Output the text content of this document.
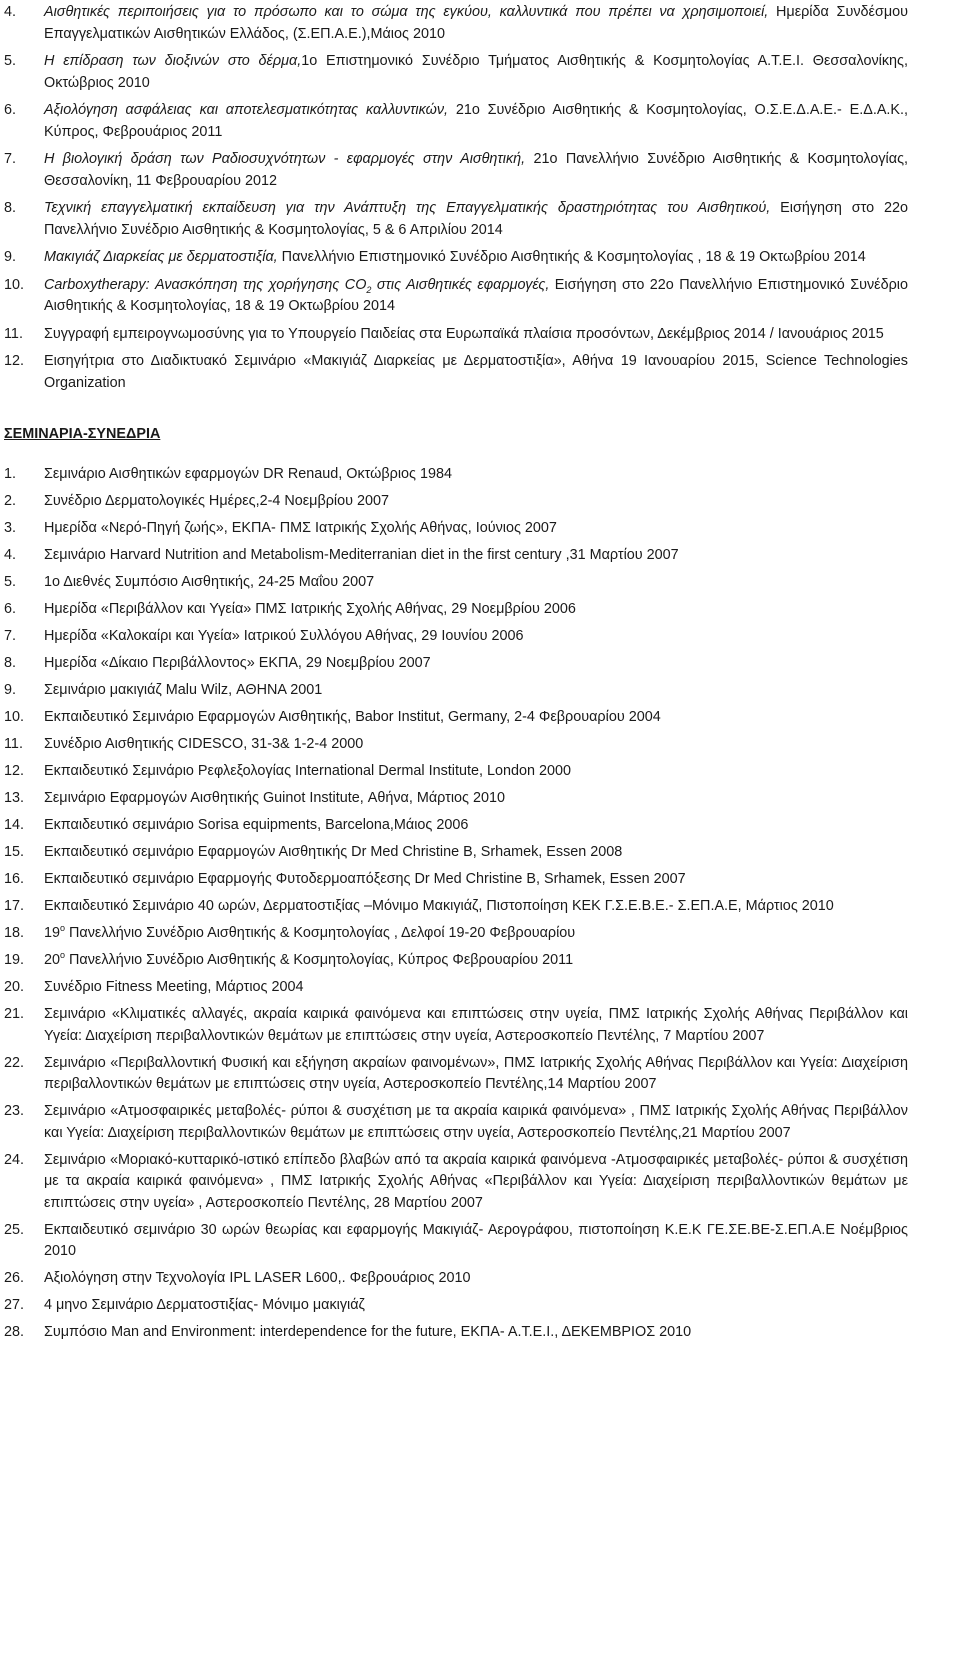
4. Αισθητικές περιποιήσεις για το πρόσωπο και το σώμα της εγκύου, καλλυντικά που πρέπει να χρησιμοποιεί, Ημερίδα Συνδέσμου Επαγγελματικών Αισθητικών Ελλάδος, (Σ.ΕΠ.Α.Ε.),Μάιος 2010
5. Η επίδραση των διοξινών στο δέρμα,1ο Επιστημονικό Συνέδριο Τμήματος Αισθητικής & Κοσμητολογίας Α.Τ.Ε.Ι. Θεσσαλονίκης, Οκτώβριος 2010
6. Αξιολόγηση ασφάλειας και αποτελεσματικότητας καλλυντικών, 21ο Συνέδριο Αισθητικής & Κοσμητολογίας, Ο.Σ.Ε.Δ.Α.Ε.- Ε.Δ.Α.Κ., Κύπρος, Φεβρουάριος 2011
7. Η βιολογική δράση των Ραδιοσυχνότητων - εφαρμογές στην Αισθητική, 21ο Πανελλήνιο Συνέδριο Αισθητικής & Κοσμητολογίας, Θεσσαλονίκη, 11 Φεβρουαρίου 2012
8. Τεχνική επαγγελματική εκπαίδευση για την Ανάπτυξη της Επαγγελματικής δραστηριότητας του Αισθητικού, Εισήγηση στο 22ο Πανελλήνιο Συνέδριο Αισθητικής & Κοσμητολογίας, 5 & 6 Απριλίου 2014
9. Μακιγιάζ Διαρκείας με δερματοστιξία, Πανελλήνιο Επιστημονικό Συνέδριο Αισθητικής & Κοσμητολογίας , 18 & 19 Οκτωβρίου 2014
10. Carboxytherapy: Ανασκόπηση της χορήγησης $CO_2$ στις Αισθητικές εφαρμογές, Εισήγηση στο 22ο Πανελλήνιο Επιστημονικό Συνέδριο Αισθητικής & Κοσμητολογίας, 18 & 19 Οκτωβρίου 2014
11. Συγγραφή εμπειρογνωμοσύνης για το Υπουργείο Παιδείας στα Ευρωπαϊκά πλαίσια προσόντων, Δεκέμβριος 2014 / Ιανουάριος 2015
12. Εισηγήτρια στο Διαδικτυακό Σεμινάριο «Μακιγιάζ Διαρκείας με Δερματοστιξία», Αθήνα 19 Ιανουαρίου 2015, Science Technologies Organization
ΣΕΜΙΝΑΡΙΑ-ΣΥΝΕΔΡΙΑ
1. Σεμινάριο Αισθητικών εφαρμογών DR Renaud, Οκτώβριος 1984
2. Συνέδριο Δερματολογικές Ημέρες,2-4 Νοεμβρίου 2007
3. Ημερίδα «Νερό-Πηγή ζωής», ΕΚΠΑ- ΠΜΣ Ιατρικής Σχολής Αθήνας, Ιούνιος 2007
4. Σεμινάριο Harvard Nutrition and Metabolism-Mediterranian diet in the first century ,31 Μαρτίου 2007
5. 1ο Διεθνές Συμπόσιο Αισθητικής, 24-25 Μαΐου 2007
6. Ημερίδα «Περιβάλλον και Υγεία» ΠΜΣ Ιατρικής Σχολής Αθήνας, 29 Νοεμβρίου 2006
7. Ημερίδα «Καλοκαίρι και Υγεία» Ιατρικού Συλλόγου Αθήνας, 29 Ιουνίου 2006
8. Ημερίδα «Δίκαιο Περιβάλλοντος» ΕΚΠΑ, 29 Νοεμβρίου 2007
9. Σεμινάριο μακιγιάζ Malu Wilz, ΑΘΗΝΑ 2001
10. Εκπαιδευτικό Σεμινάριο Εφαρμογών Αισθητικής, Babor Institut, Germany, 2-4 Φεβρουαρίου 2004
11. Συνέδριο Αισθητικής CIDESCO, 31-3& 1-2-4 2000
12. Εκπαιδευτικό Σεμινάριο Ρεφλεξολογίας International Dermal Institute, London 2000
13. Σεμινάριο Εφαρμογών Αισθητικής Guinot Institute, Αθήνα, Μάρτιος 2010
14. Εκπαιδευτικό σεμινάριο Sorisa equipments, Barcelona,Mάιος 2006
15. Εκπαιδευτικό σεμινάριο Εφαρμογών Αισθητικής Dr Med Christine B, Srhamek, Essen 2008
16. Εκπαιδευτικό σεμινάριο Εφαρμογής Φυτοδερμοαπόξεσης Dr Med Christine B, Srhamek, Essen 2007
17. Εκπαιδευτικό Σεμινάριο 40 ωρών, Δερματοστιξίας –Μόνιμο Μακιγιάζ, Πιστοποίηση ΚΕΚ Γ.Σ.Ε.Β.Ε.- Σ.ΕΠ.Α.Ε, Μάρτιος 2010
18. $19^o$ Πανελλήνιο Συνέδριο Αισθητικής & Κοσμητολογίας , Δελφοί 19-20 Φεβρουαρίου
19. $20^o$ Πανελλήνιο Συνέδριο Αισθητικής & Κοσμητολογίας, Κύπρος Φεβρουαρίου 2011
20. Συνέδριο Fitness Meeting, Μάρτιος 2004
21. Σεμινάριο «Κλιματικές αλλαγές, ακραία καιρικά φαινόμενα και επιπτώσεις στην υγεία, ΠΜΣ Ιατρικής Σχολής Αθήνας Περιβάλλον και Υγεία: Διαχείριση περιβαλλοντικών θεμάτων με επιπτώσεις στην υγεία, Αστεροσκοπείο Πεντέλης, 7 Μαρτίου 2007
22. Σεμινάριο «Περιβαλλοντική Φυσική και εξήγηση ακραίων φαινομένων», ΠΜΣ Ιατρικής Σχολής Αθήνας Περιβάλλον και Υγεία: Διαχείριση περιβαλλοντικών θεμάτων με επιπτώσεις στην υγεία, Αστεροσκοπείο Πεντέλης,14 Μαρτίου 2007
23. Σεμινάριο «Ατμοσφαιρικές μεταβολές- ρύποι & συσχέτιση με τα ακραία καιρικά φαινόμενα» , ΠΜΣ Ιατρικής Σχολής Αθήνας Περιβάλλον και Υγεία: Διαχείριση περιβαλλοντικών θεμάτων με επιπτώσεις στην υγεία, Αστεροσκοπείο Πεντέλης,21 Μαρτίου 2007
24. Σεμινάριο «Μοριακό-κυτταρικό-ιστικό επίπεδο βλαβών από τα ακραία καιρικά φαινόμενα -Ατμοσφαιρικές μεταβολές- ρύποι & συσχέτιση με τα ακραία καιρικά φαινόμενα» , ΠΜΣ Ιατρικής Σχολής Αθήνας «Περιβάλλον και Υγεία: Διαχείριση περιβαλλοντικών θεμάτων με επιπτώσεις στην υγεία» , Αστεροσκοπείο Πεντέλης, 28 Μαρτίου 2007
25. Εκπαιδευτικό σεμινάριο 30 ωρών θεωρίας και εφαρμογής Μακιγιάζ- Αερογράφου, πιστοποίηση Κ.Ε.Κ ΓΕ.ΣΕ.ΒΕ-Σ.ΕΠ.Α.Ε Νοέμβριος 2010
26. Αξιολόγηση στην Τεχνολογία IPL LASER L600,. Φεβρουάριος 2010
27. 4 μηνο Σεμινάριο Δερματοστιξίας- Μόνιμο μακιγιάζ
28. Συμπόσιο Man and Environment: interdependence for the future, ΕΚΠΑ- Α.Τ.Ε.Ι., ΔΕΚΕΜΒΡΙΟΣ 2010
